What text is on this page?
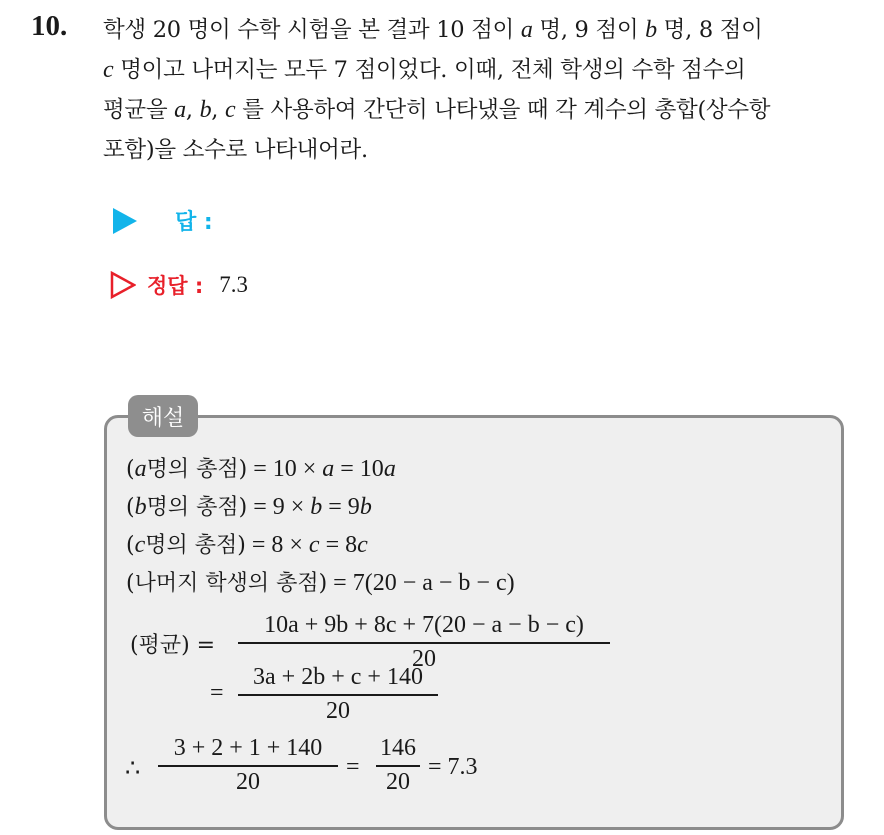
10. 학생 20 명이 수학 시험을 본 결과 10 점이 a 명, 9 점이 b 명, 8 점이
c 명이고 나머지는 모두 7 점이었다. 이때, 전체 학생의 수학 점수의
평균을 a, b, c 를 사용하여 간단히 나타냈을 때 각 계수의 총합(상수항
포함)을 소수로 나타내어라.
답 :
정답 : 7.3
해설
(a명의 총점) = 10 × a = 10a
(b명의 총점) = 9 × b = 9b
(c명의 총점) = 8 × c = 8c
(나머지 학생의 총점) = 7(20 − a − b − c)
(평균) =
10a + 9b + 8c + 7(20 − a − b − c)
20
=
3a + 2b + c + 140
20
∴
3 + 2 + 1 + 140
20
=
146
20
= 7.3
